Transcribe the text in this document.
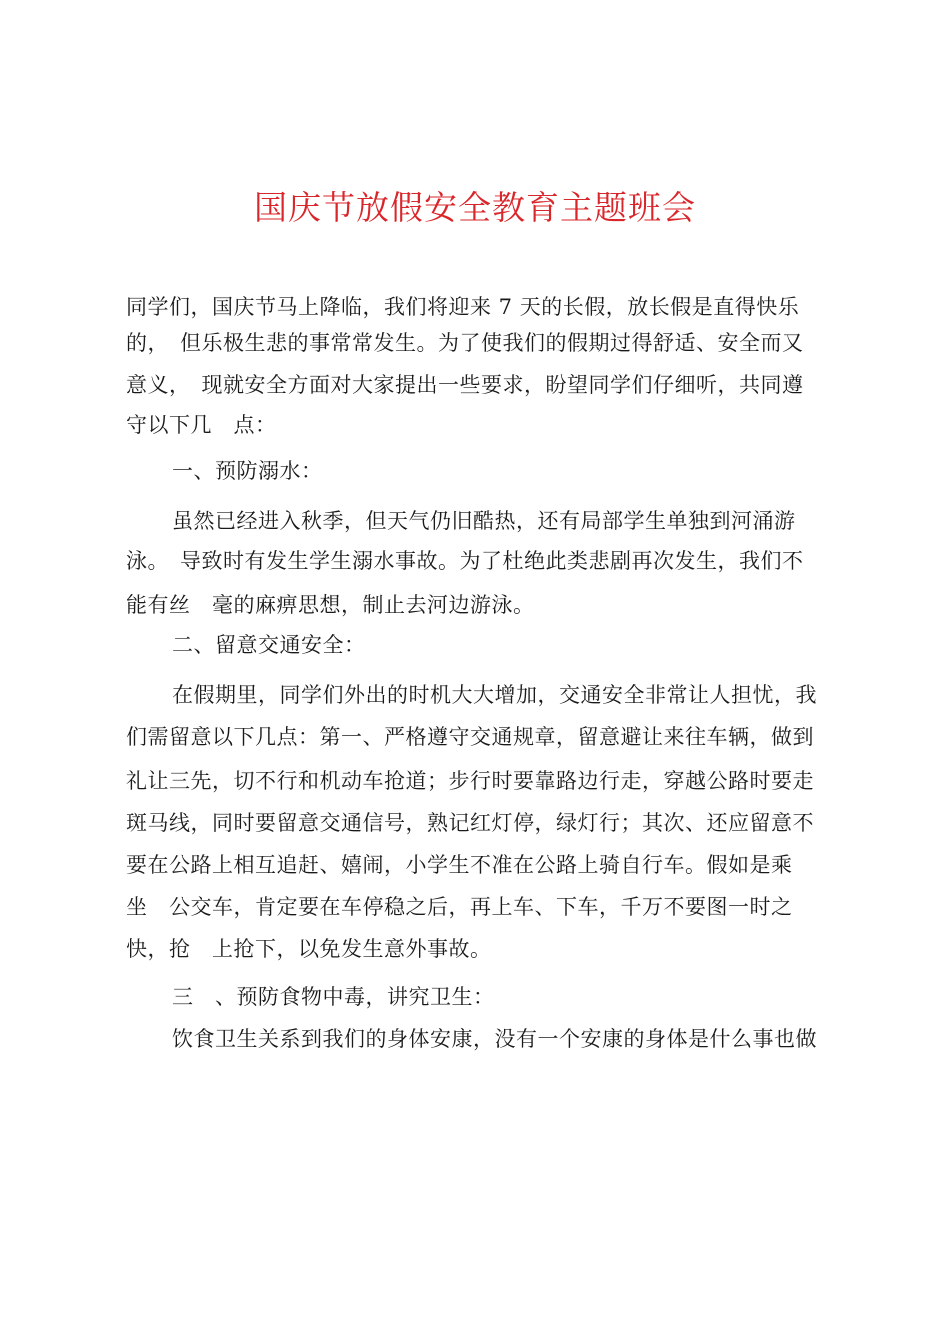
国庆节放假安全教育主题班会
同学们，国庆节马上降临，我们将迎来 7 天的长假，放长假是直得快乐
的，　但乐极生悲的事常常发生。为了使我们的假期过得舒适、安全而又
意义，　现就安全方面对大家提出一些要求，盼望同学们仔细听，共同遵
守以下几　点：
一、预防溺水：
虽然已经进入秋季，但天气仍旧酷热，还有局部学生单独到河涌游
泳。　导致时有发生学生溺水事故。为了杜绝此类悲剧再次发生，我们不
能有丝　毫的麻痹思想，制止去河边游泳。
二、留意交通安全：
在假期里，同学们外出的时机大大增加，交通安全非常让人担忧，我
们需留意以下几点：第一、严格遵守交通规章，留意避让来往车辆，做到
礼让三先，切不行和机动车抢道；步行时要靠路边行走，穿越公路时要走
斑马线，同时要留意交通信号，熟记红灯停，绿灯行；其次、还应留意不
要在公路上相互追赶、嬉闹，小学生不准在公路上骑自行车。假如是乘
坐　公交车，肯定要在车停稳之后，再上车、下车，千万不要图一时之
快，抢　上抢下，以免发生意外事故。
三　、预防食物中毒，讲究卫生：
饮食卫生关系到我们的身体安康，没有一个安康的身体是什么事也做
